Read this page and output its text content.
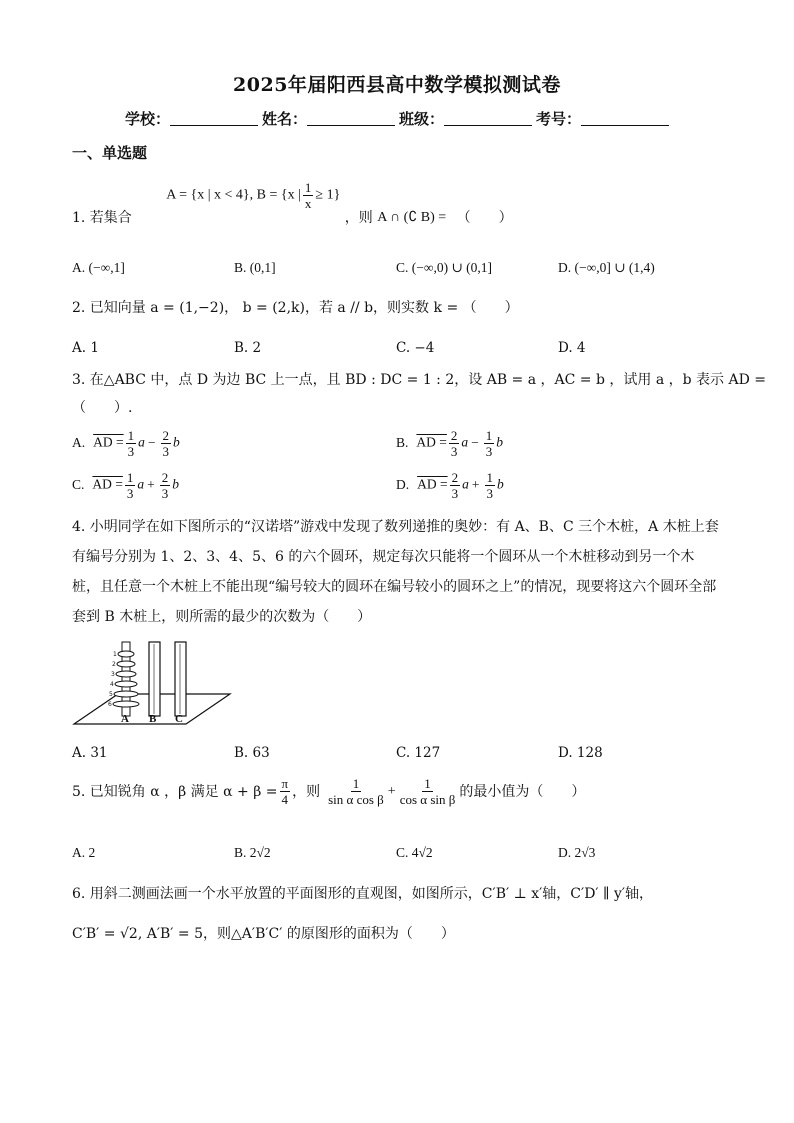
2025年届阳西县高中数学模拟测试卷
学校：	姓名：	班级：	考号：
一、单选题
1. 若集合 A = {x | x < 4}, B = {x | $\frac{1}{x} \ge 1$} ，则 A ∩ (∁ B) = （　　）
A. (−∞,1]	B. (0,1]	C. (−∞,0) ∪ (0,1]	D. (−∞,0] ∪ (1,4)
2. 已知向量 a = (1,−2)， b = (2,k)，若 a // b，则实数 k = （　　）
A. 1	B. 2	C. −4	D. 4
3. 在△ABC 中，点 D 为边 BC 上一点，且 BD : DC = 1 : 2，设 AB = a ，AC = b ，试用 a ，b 表示 AD =
（　　）.
A. AD = $\frac{1}{3}$ $a - \frac{2}{3}$ b	B. AD = $\frac{2}{3}$ $a - \frac{1}{3}$ b
C. AD = $\frac{1}{3}$ $a + \frac{2}{3}$ b	D. AD = $\frac{2}{3}$ $a + \frac{1}{3}$ b
4. 小明同学在如下图所示的“汉诺塔”游戏中发现了数列递推的奥妙：有 A、B、C 三个木桩，A 木桩上套有编号分别为 1、2、3、4、5、6 的六个圆环，规定每次只能将一个圆环从一个木桩移动到另一个木桩，且任意一个木桩上不能出现“编号较大的圆环在编号较小的圆环之上”的情况，现要将这六个圆环全部套到 B 木桩上，则所需的最少的次数为（　　）
1
2
3
4
5
6
A B C
A. 31	B. 63	C. 127	D. 128
5. 已知锐角 α ，β 满足 $\alpha + \beta = \frac{\pi}{4}$ ，则 $\frac{1}{\text{sin α cos β}} + \frac{1}{\text{cos α sin β}}$ 的最小值为（　　）
A. 2	B. 2√2	C. 4√2	D. 2√3
6. 用斜二测画法画一个水平放置的平面图形的直观图，如图所示，C′B′ ⊥ x′轴，C′D′ ∥ y′轴，
C′B′ = √2, A′B′ = 5，则△A′B′C′ 的原图形的面积为（　　）
